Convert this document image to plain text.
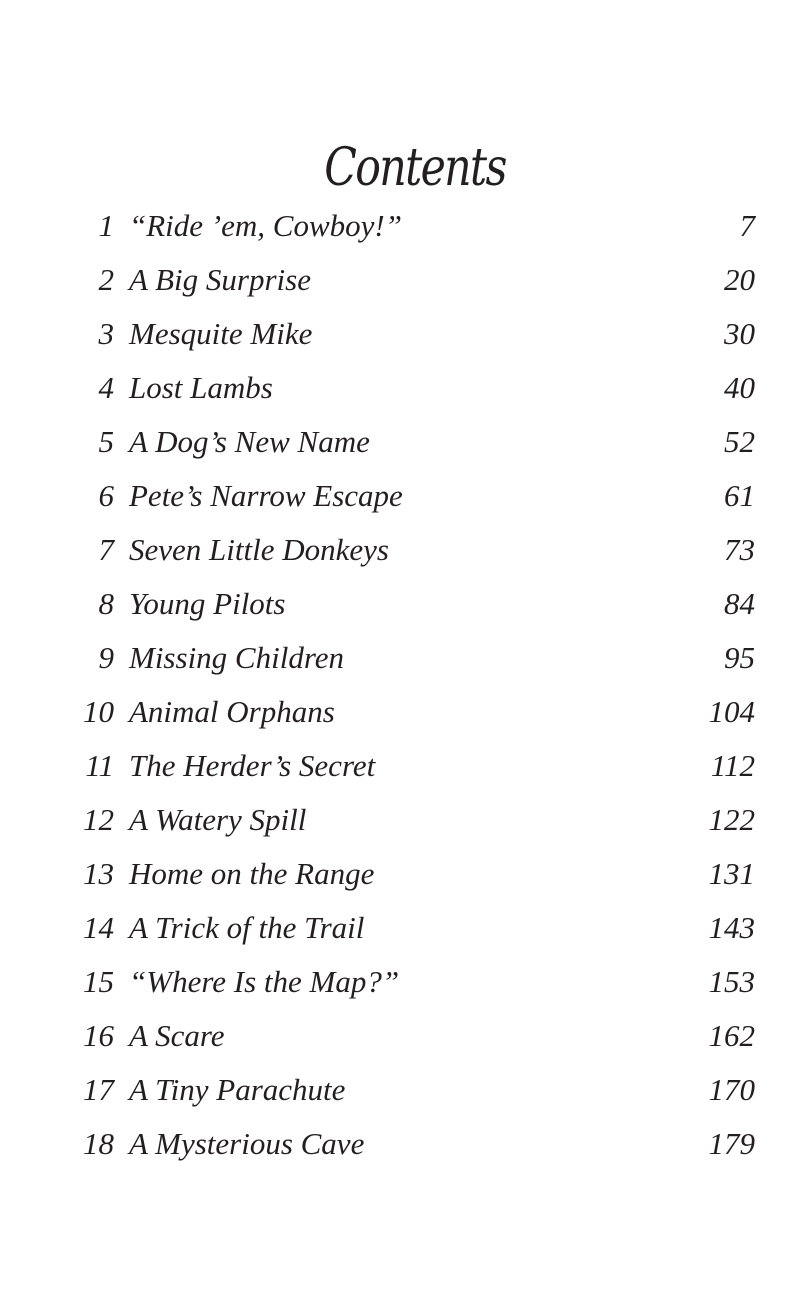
Contents
1 “Ride ’em, Cowboy!”	7
2 A Big Surprise	20
3 Mesquite Mike	30
4 Lost Lambs	40
5 A Dog’s New Name	52
6 Pete’s Narrow Escape	61
7 Seven Little Donkeys	73
8 Young Pilots	84
9 Missing Children	95
10 Animal Orphans	104
11 The Herder’s Secret	112
12 A Watery Spill	122
13 Home on the Range	131
14 A Trick of the Trail	143
15 “Where Is the Map?”	153
16 A Scare	162
17 A Tiny Parachute	170
18 A Mysterious Cave	179
